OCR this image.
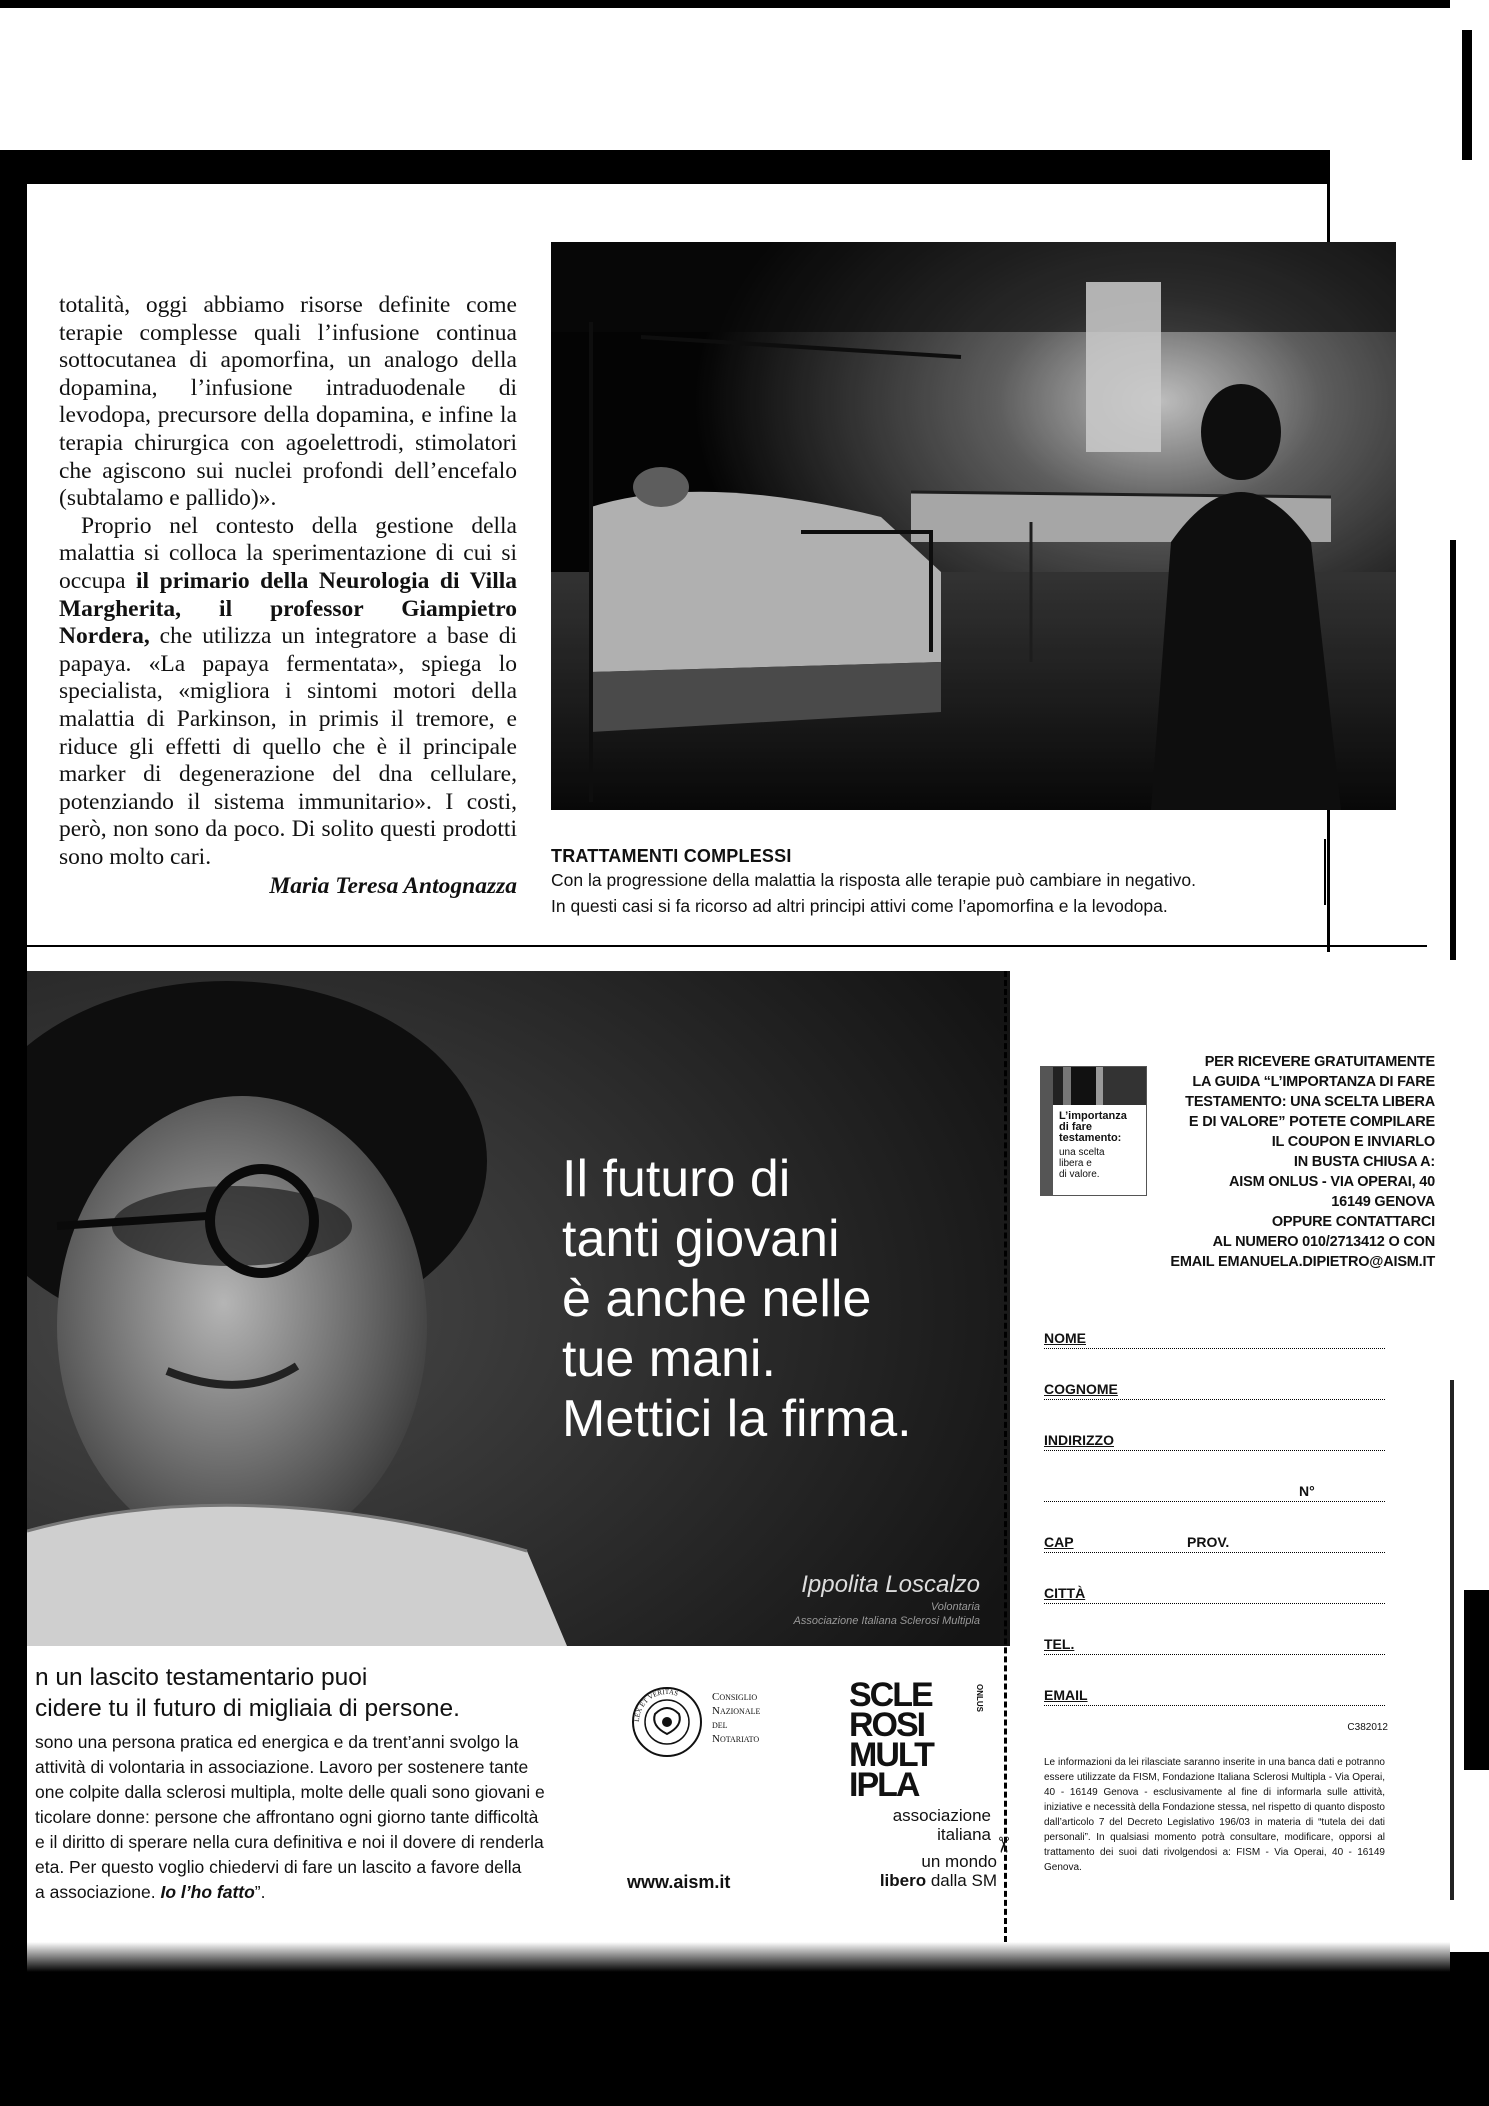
totalità, oggi abbiamo risorse definite come terapie complesse quali l’infusione continua sottocutanea di apomorfina, un analogo della dopamina, l’infusione intraduodenale di levodopa, precursore della dopamina, e infine la terapia chirurgica con agoelettrodi, stimolatori che agiscono sui nuclei profondi dell’encefalo (subtalamo e pallido)».

Proprio nel contesto della gestione della malattia si colloca la sperimentazione di cui si occupa il primario della Neurologia di Villa Margherita, il professor Giampietro Nordera, che utilizza un integratore a base di papaya. «La papaya fermentata», spiega lo specialista, «migliora i sintomi motori della malattia di Parkinson, in primis il tremore, e riduce gli effetti di quello che è il principale marker di degenerazione del dna cellulare, potenziando il sistema immunitario». I costi, però, non sono da poco. Di solito questi prodotti sono molto cari.

Maria Teresa Antognazza

TRATTAMENTI COMPLESSI
Con la progressione della malattia la risposta alle terapie può cambiare in negativo.
In questi casi si fa ricorso ad altri principi attivi come l’apomorfina e la levodopa.
Il futuro di
tanti giovani
è anche nelle
tue mani.
Mettici la firma.
Ippolita Loscalzo
Volontaria
Associazione Italiana Sclerosi Multipla
n un lascito testamentario puoi
cidere tu il futuro di migliaia di persone.
sono una persona pratica ed energica e da trent’anni svolgo la
attività di volontaria in associazione. Lavoro per sostenere tante
one colpite dalla sclerosi multipla, molte delle quali sono giovani e
ticolare donne: persone che affrontano ogni giorno tante difficoltà
e il diritto di sperare nella cura definitiva e noi il dovere di renderla
eta. Per questo voglio chiedervi di fare un lascito a favore della
a associazione. Io l’ho fatto”.
LEX ET VERITAS	Consiglio
Nazionale
del
Notariato
www.aism.it
SCLE
ROSI
MULT
IPLA
ONLUS
associazione
italiana
un mondo
libero dalla SM
✂
L’importanza
di fare
testamento:
una scelta
libera e
di valore.
PER RICEVERE GRATUITAMENTE
LA GUIDA “L’IMPORTANZA DI FARE
TESTAMENTO: UNA SCELTA LIBERA
E DI VALORE” POTETE COMPILARE
IL COUPON E INVIARLO
IN BUSTA CHIUSA A:
AISM ONLUS - VIA OPERAI, 40
16149 GENOVA
OPPURE CONTATTARCI
AL NUMERO 010/2713412 O CON
EMAIL EMANUELA.DIPIETRO@AISM.IT
NOME
COGNOME
INDIRIZZO
N°
CAP	PROV.
CITTÀ
TEL.
EMAIL
C382012
Le informazioni da lei rilasciate saranno inserite in una banca dati e potranno essere utilizzate da FISM, Fondazione Italiana Sclerosi Multipla - Via Operai, 40 - 16149 Genova - esclusivamente al fine di informarla sulle attività, iniziative e necessità della Fondazione stessa, nel rispetto di quanto disposto dall’articolo 7 del Decreto Legislativo 196/03 in materia di “tutela dei dati personali”. In qualsiasi momento potrà consultare, modificare, opporsi al trattamento dei suoi dati rivolgendosi a: FISM - Via Operai, 40 - 16149 Genova.
